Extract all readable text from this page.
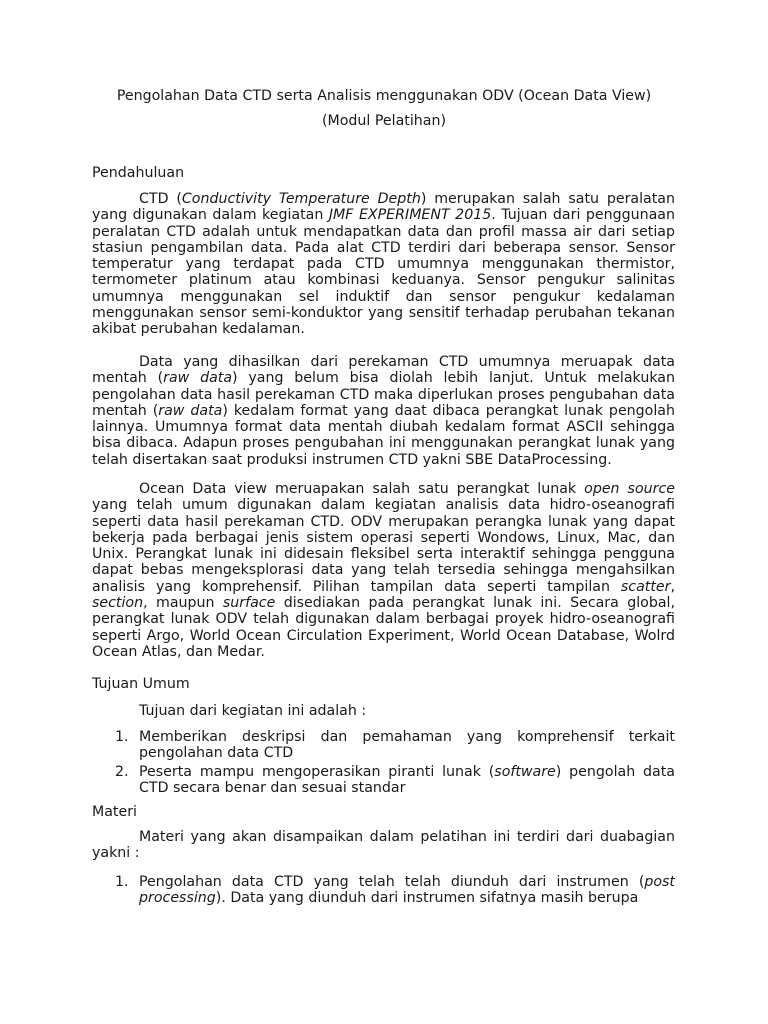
Pengolahan Data CTD serta Analisis menggunakan ODV (Ocean Data View)
(Modul Pelatihan)
Pendahuluan

CTD (Conductivity Temperature Depth) merupakan salah satu peralatan yang digunakan dalam kegiatan JMF EXPERIMENT 2015. Tujuan dari penggunaan peralatan CTD adalah untuk mendapatkan data dan profil massa air dari setiap stasiun pengambilan data. Pada alat CTD terdiri dari beberapa sensor. Sensor temperatur yang terdapat pada CTD umumnya menggunakan thermistor, termometer platinum atau kombinasi keduanya. Sensor pengukur salinitas umumnya menggunakan sel induktif dan sensor pengukur kedalaman menggunakan sensor semi-konduktor yang sensitif terhadap perubahan tekanan akibat perubahan kedalaman.

Data yang dihasilkan dari perekaman CTD umumnya meruapak data mentah (raw data) yang belum bisa diolah lebih lanjut. Untuk melakukan pengolahan data hasil perekaman CTD maka diperlukan proses pengubahan data mentah (raw data) kedalam format yang daat dibaca perangkat lunak pengolah lainnya. Umumnya format data mentah diubah kedalam format ASCII sehingga bisa dibaca. Adapun proses pengubahan ini menggunakan perangkat lunak yang telah disertakan saat produksi instrumen CTD yakni SBE DataProcessing.

Ocean Data view meruapakan salah satu perangkat lunak open source yang telah umum digunakan dalam kegiatan analisis data hidro-oseanografi seperti data hasil perekaman CTD. ODV merupakan perangka lunak yang dapat bekerja pada berbagai jenis sistem operasi seperti Wondows, Linux, Mac, dan Unix. Perangkat lunak ini didesain fleksibel serta interaktif sehingga pengguna dapat bebas mengeksplorasi data yang telah tersedia sehingga mengahsilkan analisis yang komprehensif. Pilihan tampilan data seperti tampilan scatter, section, maupun surface disediakan pada perangkat lunak ini. Secara global, perangkat lunak ODV telah digunakan dalam berbagai proyek hidro-oseanografi seperti Argo, World Ocean Circulation Experiment, World Ocean Database, Wolrd Ocean Atlas, dan Medar.

Tujuan Umum

Tujuan dari kegiatan ini adalah :

1. Memberikan deskripsi dan pemahaman yang komprehensif terkait pengolahan data CTD
2. Peserta mampu mengoperasikan piranti lunak (software) pengolah data CTD secara benar dan sesuai standar
Materi

Materi yang akan disampaikan dalam pelatihan ini terdiri dari duabagian yakni :

1. Pengolahan data CTD yang telah telah diunduh dari instrumen (post processing). Data yang diunduh dari instrumen sifatnya masih berupa
